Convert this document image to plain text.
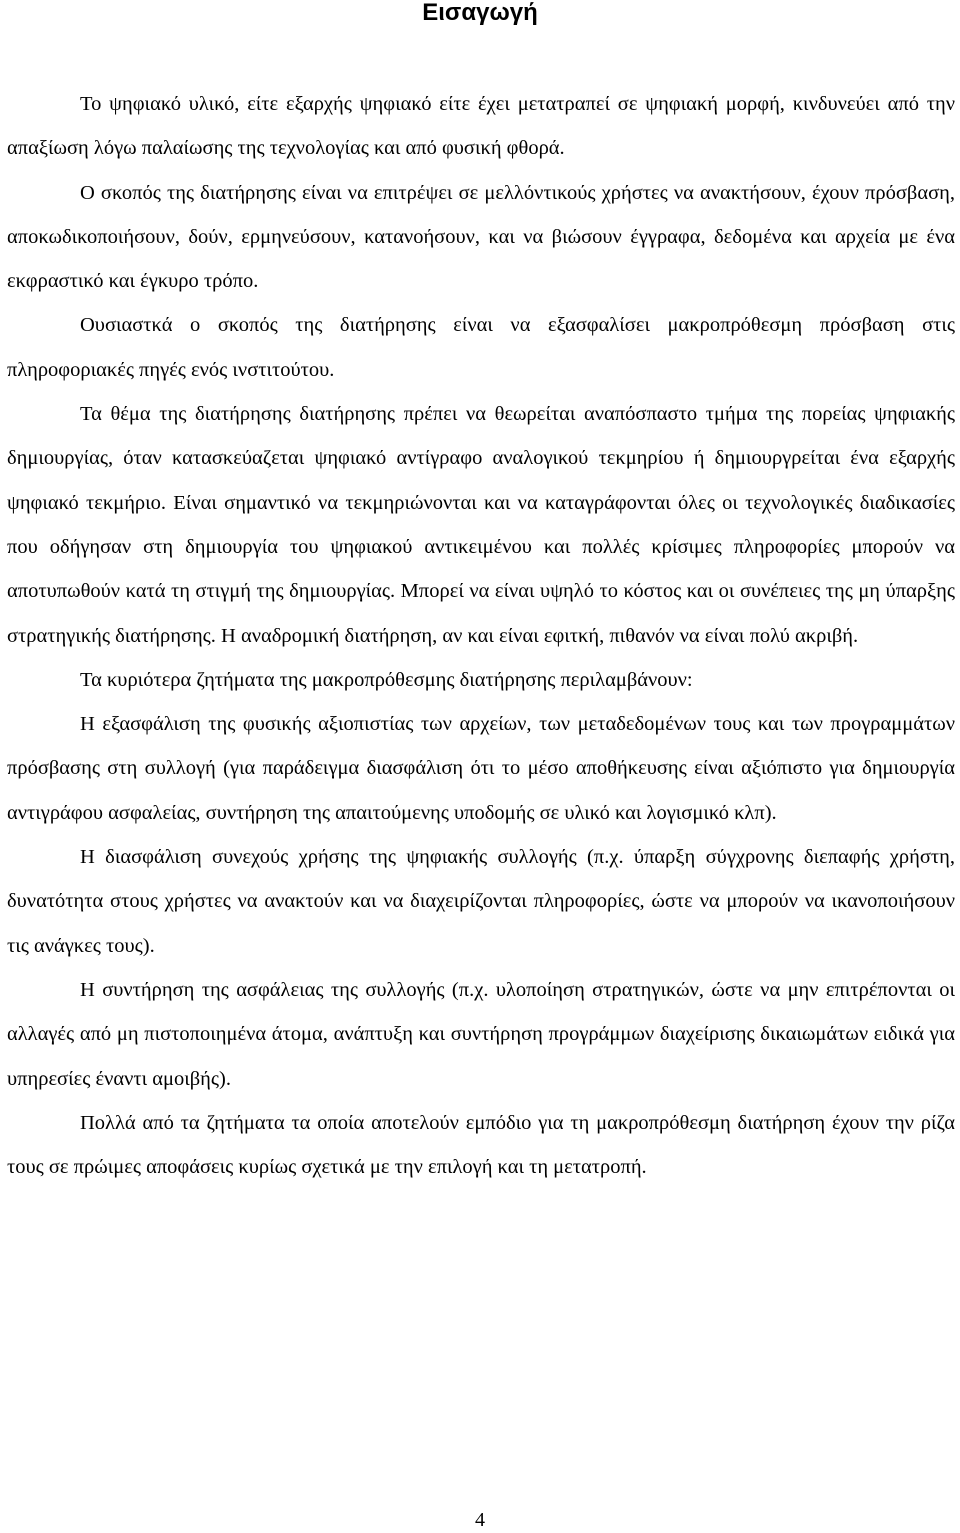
Εισαγωγή

Το ψηφιακό υλικό, είτε εξαρχής ψηφιακό είτε έχει μετατραπεί σε ψηφιακή μορφή, κινδυνεύει από την απαξίωση λόγω παλαίωσης της τεχνολογίας και από φυσική φθορά.

Ο σκοπός της διατήρησης είναι να επιτρέψει σε μελλόντικούς χρήστες να ανακτήσουν, έχουν πρόσβαση, αποκωδικοποιήσουν, δούν, ερμηνεύσουν, κατανοήσουν, και να βιώσουν έγγραφα, δεδομένα και αρχεία με ένα εκφραστικό και έγκυρο τρόπο.

Ουσιαστκά ο σκοπός της διατήρησης είναι να εξασφαλίσει μακροπρόθεσμη πρόσβαση στις πληροφοριακές πηγές ενός ινστιτούτου.

Τα θέμα της διατήρησης διατήρησης πρέπει να θεωρείται αναπόσπαστο τμήμα της πορείας ψηφιακής δημιουργίας, όταν κατασκεύαζεται ψηφιακό αντίγραφο αναλογικού τεκμηρίου ή δημιουργρείται ένα εξαρχής ψηφιακό τεκμήριο. Είναι σημαντικό να τεκμηριώνονται και να καταγράφονται όλες οι τεχνολογικές διαδικασίες που οδήγησαν στη δημιουργία του ψηφιακού αντικειμένου και πολλές κρίσιμες πληροφορίες μπορούν να αποτυπωθούν κατά τη στιγμή της δημιουργίας. Μπορεί να είναι υψηλό το κόστος και οι συνέπειες της μη ύπαρξης στρατηγικής διατήρησης. Η αναδρομική διατήρηση, αν και είναι εφιτκή, πιθανόν να είναι πολύ ακριβή.

Τα κυριότερα ζητήματα της μακροπρόθεσμης διατήρησης περιλαμβάνουν:

Η εξασφάλιση της φυσικής αξιοπιστίας των αρχείων, των μεταδεδομένων τους και των προγραμμάτων πρόσβασης στη συλλογή (για παράδειγμα διασφάλιση ότι το μέσο αποθήκευσης είναι αξιόπιστο για δημιουργία αντιγράφου ασφαλείας, συντήρηση της απαιτούμενης υποδομής σε υλικό και λογισμικό κλπ).

Η διασφάλιση συνεχούς χρήσης της ψηφιακής συλλογής (π.χ. ύπαρξη σύγχρονης διεπαφής χρήστη, δυνατότητα στους χρήστες να ανακτούν και να διαχειρίζονται πληροφορίες, ώστε να μπορούν να ικανοποιήσουν τις ανάγκες τους).

Η συντήρηση της ασφάλειας της συλλογής (π.χ. υλοποίηση στρατηγικών, ώστε να μην επιτρέπονται οι αλλαγές από μη πιστοποιημένα άτομα, ανάπτυξη και συντήρηση προγράμμων διαχείρισης δικαιωμάτων ειδικά για υπηρεσίες έναντι αμοιβής).

Πολλά από τα ζητήματα τα οποία αποτελούν εμπόδιο για τη μακροπρόθεσμη διατήρηση έχουν την ρίζα τους σε πρώιμες αποφάσεις κυρίως σχετικά με την επιλογή και τη μετατροπή.

4
